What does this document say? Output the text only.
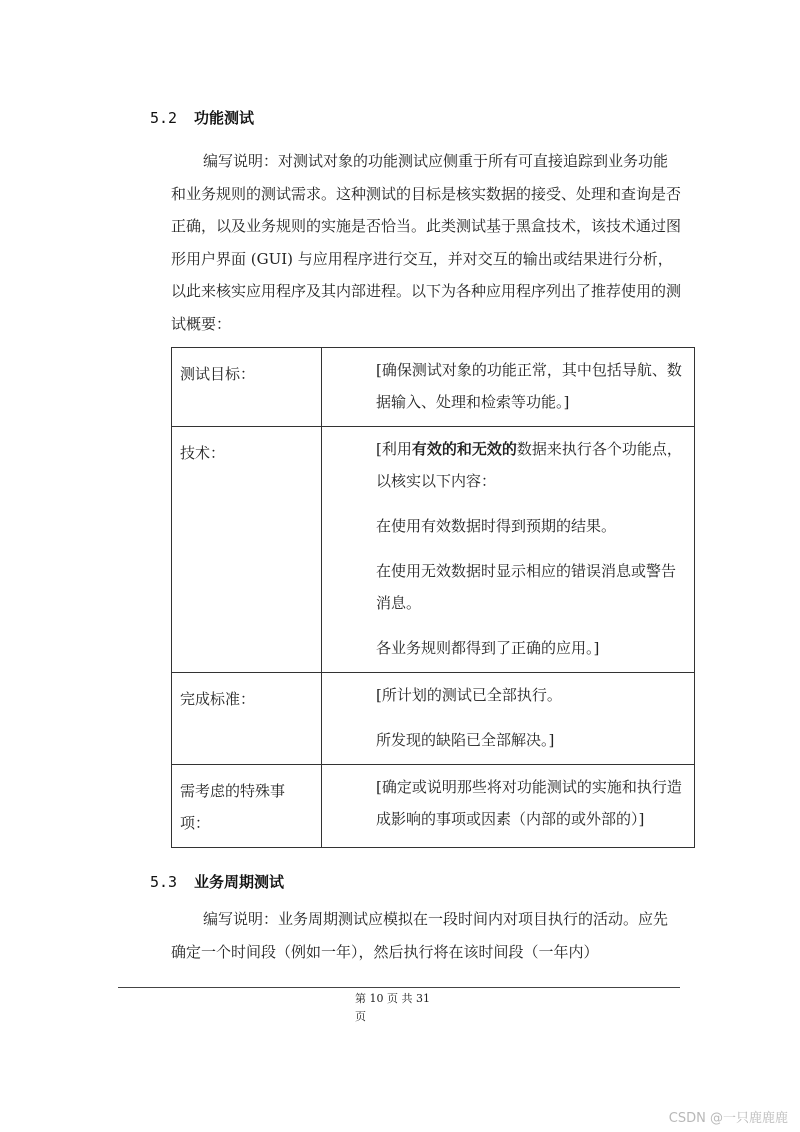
5.2 功能测试

编写说明：对测试对象的功能测试应侧重于所有可直接追踪到业务功能和业务规则的测试需求。这种测试的目标是核实数据的接受、处理和查询是否正确，以及业务规则的实施是否恰当。此类测试基于黑盒技术，该技术通过图形用户界面 (GUI) 与应用程序进行交互，并对交互的输出或结果进行分析，以此来核实应用程序及其内部进程。以下为各种应用程序列出了推荐使用的测试概要：

测试目标：	[确保测试对象的功能正常，其中包括导航、数据输入、处理和检索等功能。]

技术：	[利用有效的和无效的数据来执行各个功能点，以核实以下内容：

在使用有效数据时得到预期的结果。

在使用无效数据时显示相应的错误消息或警告消息。

各业务规则都得到了正确的应用。]

完成标准：	[所计划的测试已全部执行。

所发现的缺陷已全部解决。]

需考虑的特殊事项：	[确定或说明那些将对功能测试的实施和执行造成影响的事项或因素（内部的或外部的）]

5.3 业务周期测试

编写说明：业务周期测试应模拟在一段时间内对项目执行的活动。应先确定一个时间段（例如一年），然后执行将在该时间段（一年内）

第 10 页 共 31
页
CSDN @一只鹿鹿鹿
